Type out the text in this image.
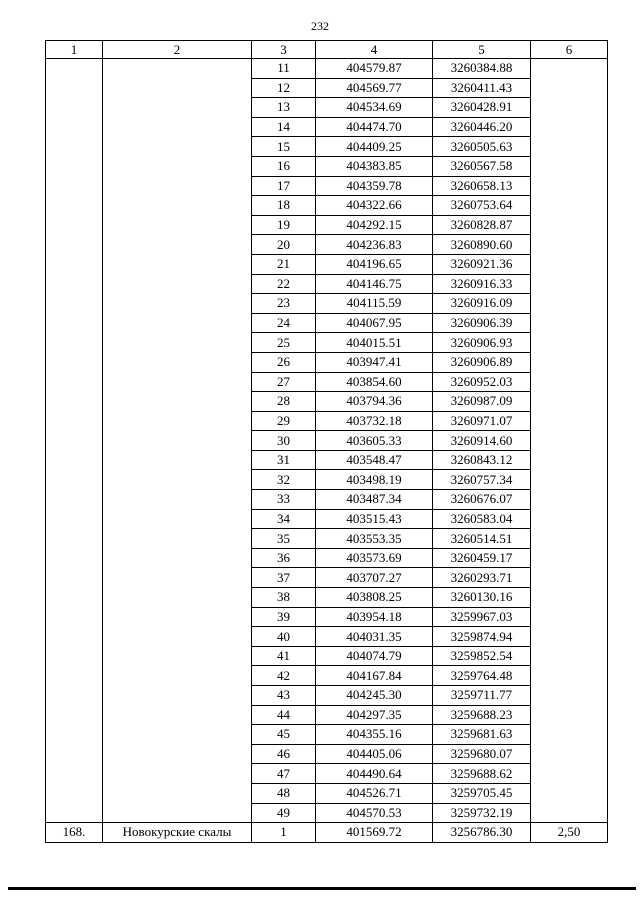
232
1	2	3	4	5	6
		11	404579.87	3260384.88	
		12	404569.77	3260411.43	
		13	404534.69	3260428.91	
		14	404474.70	3260446.20	
		15	404409.25	3260505.63	
		16	404383.85	3260567.58	
		17	404359.78	3260658.13	
		18	404322.66	3260753.64	
		19	404292.15	3260828.87	
		20	404236.83	3260890.60	
		21	404196.65	3260921.36	
		22	404146.75	3260916.33	
		23	404115.59	3260916.09	
		24	404067.95	3260906.39	
		25	404015.51	3260906.93	
		26	403947.41	3260906.89	
		27	403854.60	3260952.03	
		28	403794.36	3260987.09	
		29	403732.18	3260971.07	
		30	403605.33	3260914.60	
		31	403548.47	3260843.12	
		32	403498.19	3260757.34	
		33	403487.34	3260676.07	
		34	403515.43	3260583.04	
		35	403553.35	3260514.51	
		36	403573.69	3260459.17	
		37	403707.27	3260293.71	
		38	403808.25	3260130.16	
		39	403954.18	3259967.03	
		40	404031.35	3259874.94	
		41	404074.79	3259852.54	
		42	404167.84	3259764.48	
		43	404245.30	3259711.77	
		44	404297.35	3259688.23	
		45	404355.16	3259681.63	
		46	404405.06	3259680.07	
		47	404490.64	3259688.62	
		48	404526.71	3259705.45	
		49	404570.53	3259732.19	
168.	Новокурские скалы	1	401569.72	3256786.30	2,50
